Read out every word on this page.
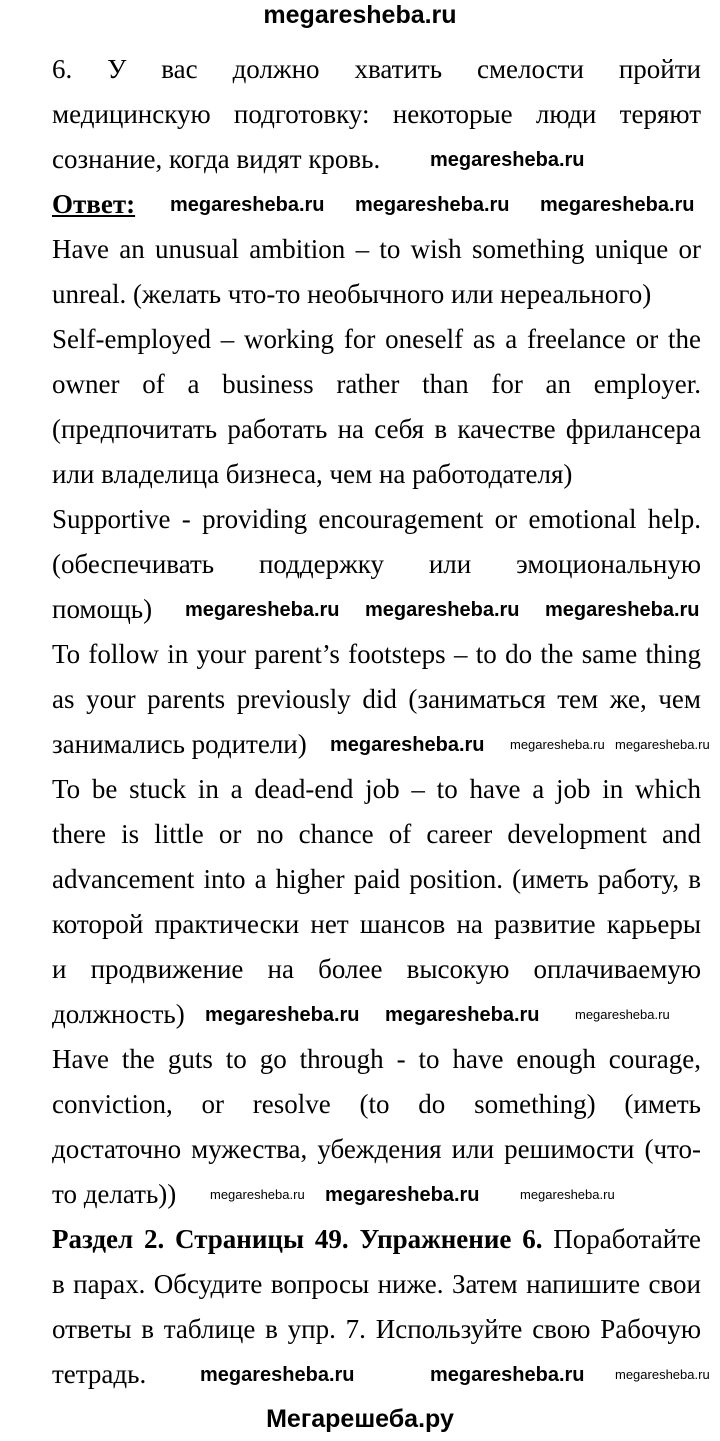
megaresheba.ru
6. У вас должно хватить смелости пройти
медицинскую подготовку: некоторые люди теряют
сознание, когда видят кровь.
Ответ:
Have an unusual ambition – to wish something unique or
unreal. (желать что-то необычного или нереального)
Self-employed – working for oneself as a freelance or the
owner of a business rather than for an employer.
(предпочитать работать на себя в качестве фрилансера
или владелица бизнеса, чем на работодателя)
Supportive - providing encouragement or emotional help.
(обеспечивать поддержку или эмоциональную
помощь)
To follow in your parent’s footsteps – to do the same thing
as your parents previously did (заниматься тем же, чем
занимались родители)
To be stuck in a dead-end job – to have a job in which
there is little or no chance of career development and
advancement into a higher paid position. (иметь работу, в
которой практически нет шансов на развитие карьеры
и продвижение на более высокую оплачиваемую
должность)
Have the guts to go through - to have enough courage,
conviction, or resolve (to do something) (иметь
достаточно мужества, убеждения или решимости (что-
то делать))
Раздел 2. Страницы 49. Упражнение 6. Поработайте
в парах. Обсудите вопросы ниже. Затем напишите свои
ответы в таблице в упр. 7. Используйте свою Рабочую
тетрадь.
megaresheba.ru
megaresheba.ru megaresheba.ru megaresheba.ru
megaresheba.ru megaresheba.ru megaresheba.ru
megaresheba.ru megaresheba.ru megaresheba.ru
megaresheba.ru megaresheba.ru	megaresheba.ru
megaresheba.ru megaresheba.ru	megaresheba.ru
megaresheba.ru	megaresheba.ru megaresheba.ru
Мегарешеба.ру
